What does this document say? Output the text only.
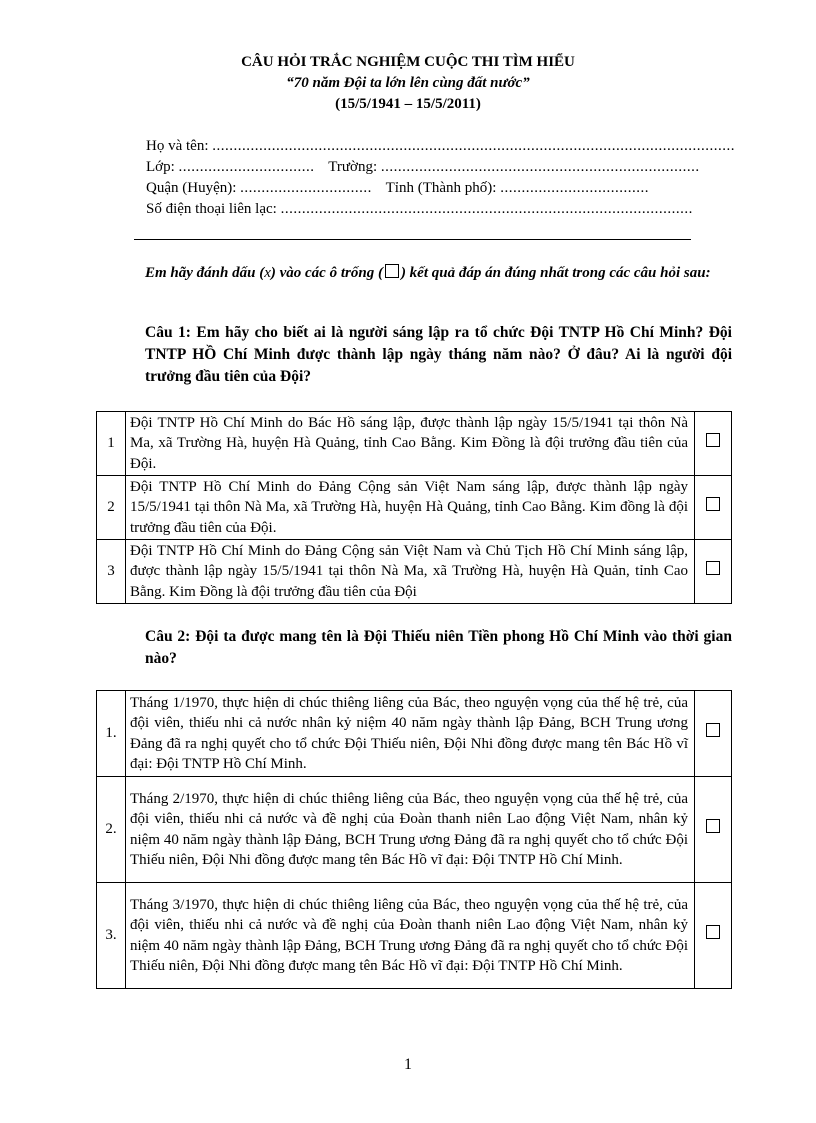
CÂU HỎI TRẮC NGHIỆM CUỘC THI TÌM HIỂU
“70 năm Đội ta lớn lên cùng đất nước”
(15/5/1941 – 15/5/2011)
Họ và tên: ...........................................................................................................................
Lớp: ................................ Trường: ...........................................................................
Quận (Huyện): ............................... Tỉnh (Thành phố): ...................................
Số điện thoại liên lạc: .................................................................................................
Em hãy đánh dấu (x) vào các ô trống ( ) kết quả đáp án đúng nhất trong các câu hỏi sau:
Câu 1: Em hãy cho biết ai là người sáng lập ra tổ chức Đội TNTP Hồ Chí Minh? Đội TNTP HỒ Chí Minh được thành lập ngày tháng năm nào? Ở đâu? Ai là người đội trưởng đầu tiên của Đội?
1	Đội TNTP Hồ Chí Minh do Bác Hồ sáng lập, được thành lập ngày 15/5/1941 tại thôn Nà Ma, xã Trường Hà, huyện Hà Quảng, tỉnh Cao Bằng. Kim Đồng là đội trưởng đầu tiên của Đội.	
2	Đội TNTP Hồ Chí Minh do Đảng Cộng sản Việt Nam sáng lập, được thành lập ngày 15/5/1941 tại thôn Nà Ma, xã Trường Hà, huyện Hà Quảng, tỉnh Cao Bằng. Kim đồng là đội trưởng đầu tiên của Đội.	
3	Đội TNTP Hồ Chí Minh do Đảng Cộng sản Việt Nam và Chủ Tịch Hồ Chí Minh sáng lập, được thành lập ngày 15/5/1941 tại thôn Nà Ma, xã Trường Hà, huyện Hà Quản, tỉnh Cao Bằng. Kim Đồng là đội trưởng đầu tiên của Đội	
Câu 2: Đội ta được mang tên là Đội Thiếu niên Tiền phong Hồ Chí Minh vào thời gian nào?
1.	Tháng 1/1970, thực hiện di chúc thiêng liêng của Bác, theo nguyện vọng của thế hệ trẻ, của đội viên, thiếu nhi cả nước nhân kỷ niệm 40 năm ngày thành lập Đảng, BCH Trung ương Đảng đã ra nghị quyết cho tổ chức Đội Thiếu niên, Đội Nhi đồng được mang tên Bác Hồ vĩ đại: Đội TNTP Hồ Chí Minh.	
2.	Tháng 2/1970, thực hiện di chúc thiêng liêng của Bác, theo nguyện vọng của thế hệ trẻ, của đội viên, thiếu nhi cả nước và đề nghị của Đoàn thanh niên Lao động Việt Nam, nhân kỷ niệm 40 năm ngày thành lập Đảng, BCH Trung ương Đảng đã ra nghị quyết cho tổ chức Đội Thiếu niên, Đội Nhi đồng được mang tên Bác Hồ vĩ đại: Đội TNTP Hồ Chí Minh.	
3.	Tháng 3/1970, thực hiện di chúc thiêng liêng của Bác, theo nguyện vọng của thế hệ trẻ, của đội viên, thiếu nhi cả nước và đề nghị của Đoàn thanh niên Lao động Việt Nam, nhân kỷ niệm 40 năm ngày thành lập Đảng, BCH Trung ương Đảng đã ra nghị quyết cho tổ chức Đội Thiếu niên, Đội Nhi đồng được mang tên Bác Hồ vĩ đại: Đội TNTP Hồ Chí Minh.	
1
